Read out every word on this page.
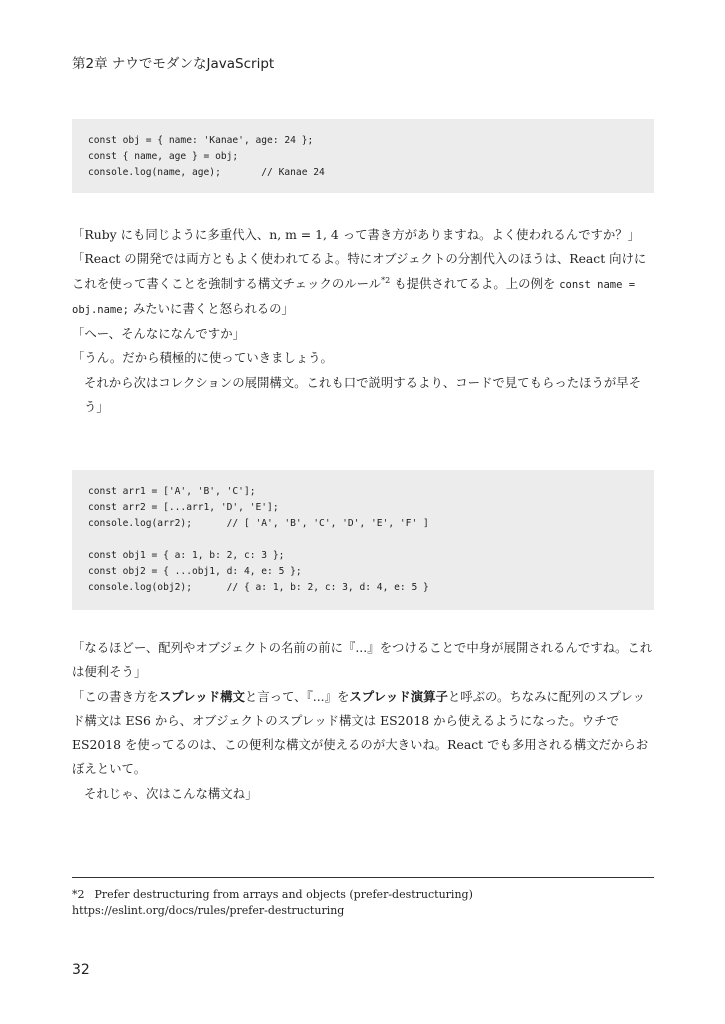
第2章 ナウでモダンなJavaScript
const obj = { name: 'Kanae', age: 24 };
const { name, age } = obj;
console.log(name, age);       // Kanae 24

「Ruby にも同じように多重代入、n, m = 1, 4 って書き方がありますね。よく使われるんですか？」

「React の開発では両方ともよく使われてるよ。特にオブジェクトの分割代入のほうは、React 向けにこれを使って書くことを強制する構文チェックのルール$^{*2}$ も提供されてるよ。上の例を const name = obj.name; みたいに書くと怒られるの」

「へー、そんなになんですか」

「うん。だから積極的に使っていきましょう。

それから次はコレクションの展開構文。これも口で説明するより、コードで見てもらったほうが早そう」

const arr1 = ['A', 'B', 'C'];
const arr2 = [...arr1, 'D', 'E'];
console.log(arr2);      // [ 'A', 'B', 'C', 'D', 'E', 'F' ]
const obj1 = { a: 1, b: 2, c: 3 };
const obj2 = { ...obj1, d: 4, e: 5 };
console.log(obj2);      // { a: 1, b: 2, c: 3, d: 4, e: 5 }

「なるほどー、配列やオブジェクトの名前の前に『...』をつけることで中身が展開されるんですね。これは便利そう」

「この書き方をスプレッド構文と言って、『...』をスプレッド演算子と呼ぶの。ちなみに配列のスプレッド構文は ES6 から、オブジェクトのスプレッド構文は ES2018 から使えるようになった。ウチで ES2018 を使ってるのは、この便利な構文が使えるのが大きいね。React でも多用される構文だからおぼえといて。

それじゃ、次はこんな構文ね」

*2 Prefer destructuring from arrays and objects (prefer-destructuring)
https://eslint.org/docs/rules/prefer-destructuring
32
